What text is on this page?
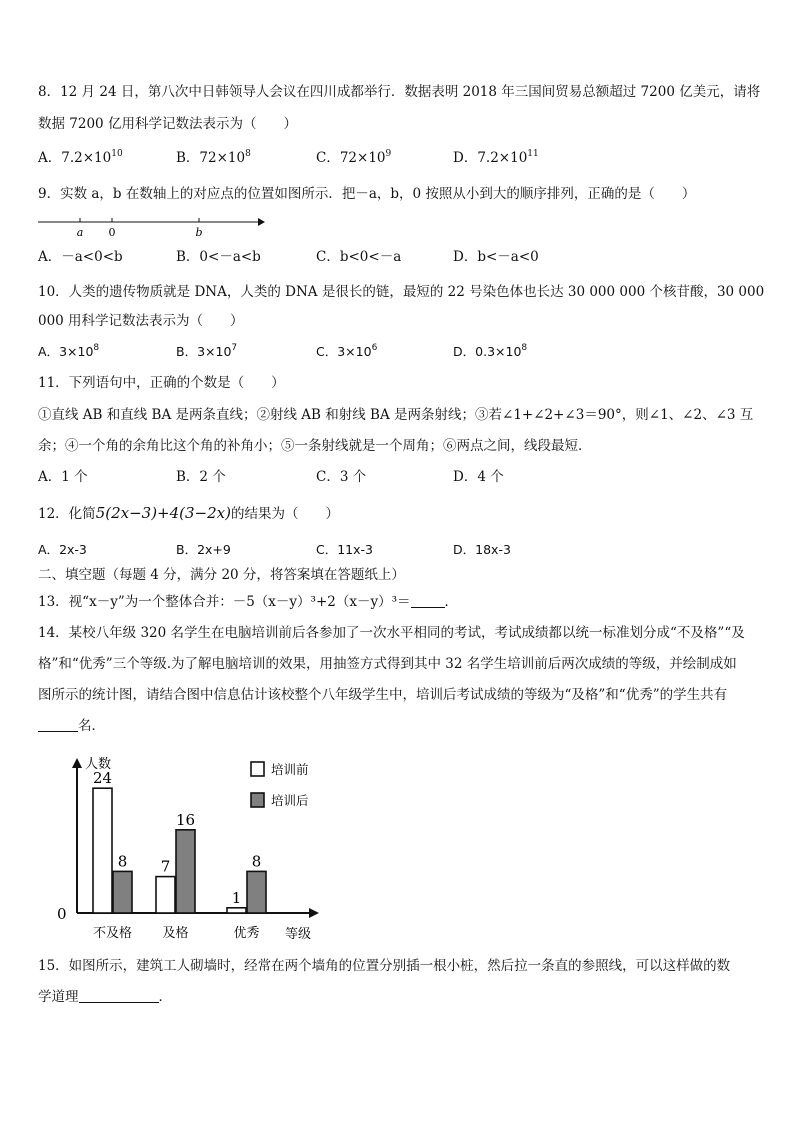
8．12 月 24 日，第八次中日韩领导人会议在四川成都举行．数据表明 2018 年三国间贸易总额超过 7200 亿美元，请将
数据 7200 亿用科学记数法表示为（　　）
A．$7.2\times 10^{10}$	B．$72\times 10^8$	C．$72\times 10^9$	D．$7.2\times 10^{11}$
9．实数 a，b 在数轴上的对应点的位置如图所示．把－a，b，0 按照从小到大的顺序排列，正确的是（　　）
a 0	b
A．－a<0<b	B．0<－a<b	C．b<0<－a	D．b<－a<0
10．人类的遗传物质就是 DNA，人类的 DNA 是很长的链，最短的 22 号染色体也长达 30 000 000 个核苷酸，30 000
000 用科学记数法表示为（　　）
A．$3\times 10^8$	B．$3\times 10^7$	C．$3\times 10^6$	D．$0.3\times 10^8$
11．下列语句中，正确的个数是（　　）
①直线 AB 和直线 BA 是两条直线；②射线 AB 和射线 BA 是两条射线；③若∠1+∠2+∠3＝90°，则∠1、∠2、∠3 互
余；④一个角的余角比这个角的补角小；⑤一条射线就是一个周角；⑥两点之间，线段最短．
A．1 个	B．2 个	C．3 个	D．4 个
12．化简5(2x−3)+4(3−2x)的结果为（　　）
A．2x-3	B．2x+9	C．11x-3	D．18x-3
二、填空题（每题 4 分，满分 20 分，将答案填在答题纸上）
13．视“x－y”为一个整体合并：－5（x－y）³+2（x－y）³＝	．
14．某校八年级 320 名学生在电脑培训前后各参加了一次水平相同的考试，考试成绩都以统一标准划分成“不及格”“及
格”和“优秀”三个等级.为了解电脑培训的效果，用抽签方式得到其中 32 名学生培训前后两次成绩的等级，并绘制成如
图所示的统计图，请结合图中信息估计该校整个八年级学生中，培训后考试成绩的等级为“及格”和“优秀”的学生共有
名．
人数
等级
0
24
8
不及格
7
16
及格
1
8
优秀
培训前
培训后
15．如图所示，建筑工人砌墙时，经常在两个墙角的位置分别插一根小桩，然后拉一条直的参照线，可以这样做的数
学道理	．
